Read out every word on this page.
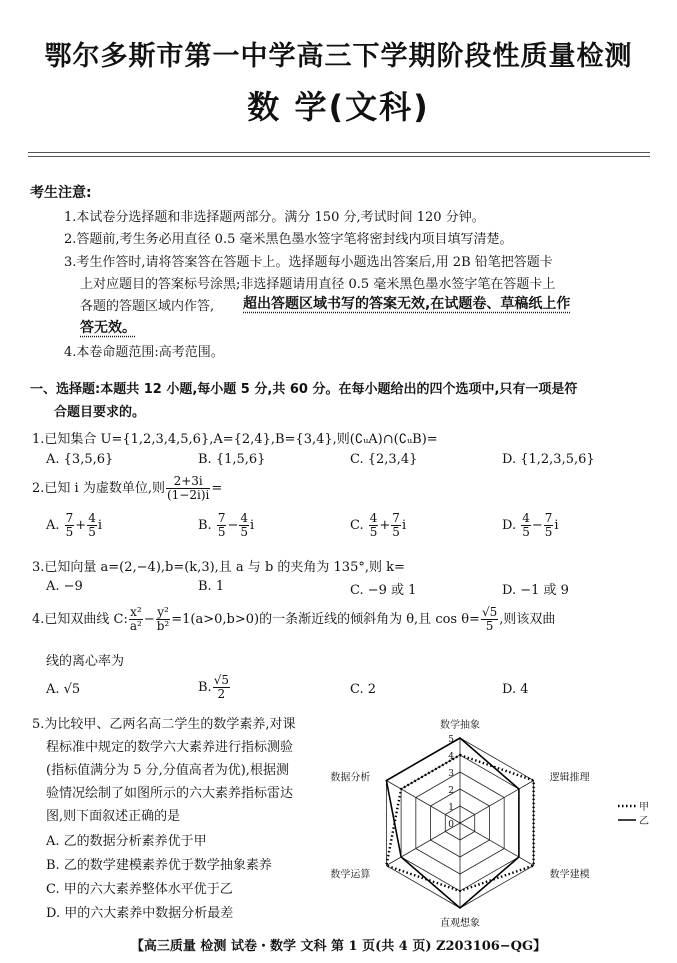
鄂尔多斯市第一中学高三下学期阶段性质量检测
数 学(文科)
考生注意:
1.本试卷分选择题和非选择题两部分。满分 150 分,考试时间 120 分钟。
2.答题前,考生务必用直径 0.5 毫米黑色墨水签字笔将密封线内项目填写清楚。
3.考生作答时,请将答案答在答题卡上。选择题每小题选出答案后,用 2B 铅笔把答题卡
上对应题目的答案标号涂黑;非选择题请用直径 0.5 毫米黑色墨水签字笔在答题卡上
各题的答题区域内作答, 超出答题区域书写的答案无效,在试题卷、草稿纸上作
答无效。
4.本卷命题范围:高考范围。
一、选择题:本题共 12 小题,每小题 5 分,共 60 分。在每小题给出的四个选项中,只有一项是符
合题目要求的。
1.已知集合 U={1,2,3,4,5,6},A={2,4},B={3,4},则(∁ᵤA)∩(∁ᵤB)=
A. {3,5,6}	B. {1,5,6}	C. {2,3,4}	D. {1,2,3,5,6}
2.已知 i 为虚数单位,则 $\frac{2+3i}{(1-2i)i}$ =
A. $\frac{7}{5} + \frac{4}{5}$ i	B. $\frac{7}{5} - \frac{4}{5}$ i	C. $\frac{4}{5} + \frac{7}{5}$ i	D. $\frac{4}{5} - \frac{7}{5}$ i
3.已知向量 a=(2,−4),b=(k,3),且 a 与 b 的夹角为 135°,则 k=
A. −9	B. 1	C. −9 或 1	D. −1 或 9
4.已知双曲线 C: $\frac{\text{x²}}{\text{a²}} - \frac{\text{y²}}{\text{b²}} =1(a>0,b>0)$的一条渐近线的倾斜角为 θ,且 $\cos \theta= \frac{√5}{5}$ ,则该双曲
线的离心率为
A. √5	B. $\frac{√5}{2}$	C. 2	D. 4
5.为比较甲、乙两名高二学生的数学素养,对课
程标准中规定的数学六大素养进行指标测验
(指标值满分为 5 分,分值高者为优),根据测
验情况绘制了如图所示的六大素养指标雷达
图,则下面叙述正确的是
A. 乙的数据分析素养优于甲
B. 乙的数学建模素养优于数学抽象素养
C. 甲的六大素养整体水平优于乙
D. 甲的六大素养中数据分析最差
5
4
3
2
1
0
数学抽象
逻辑推理
数学建模
直观想象
数学运算
数据分析
甲
乙
【高三质量 检测 试卷・数学 文科 第 1 页(共 4 页) Z203106−QG】
